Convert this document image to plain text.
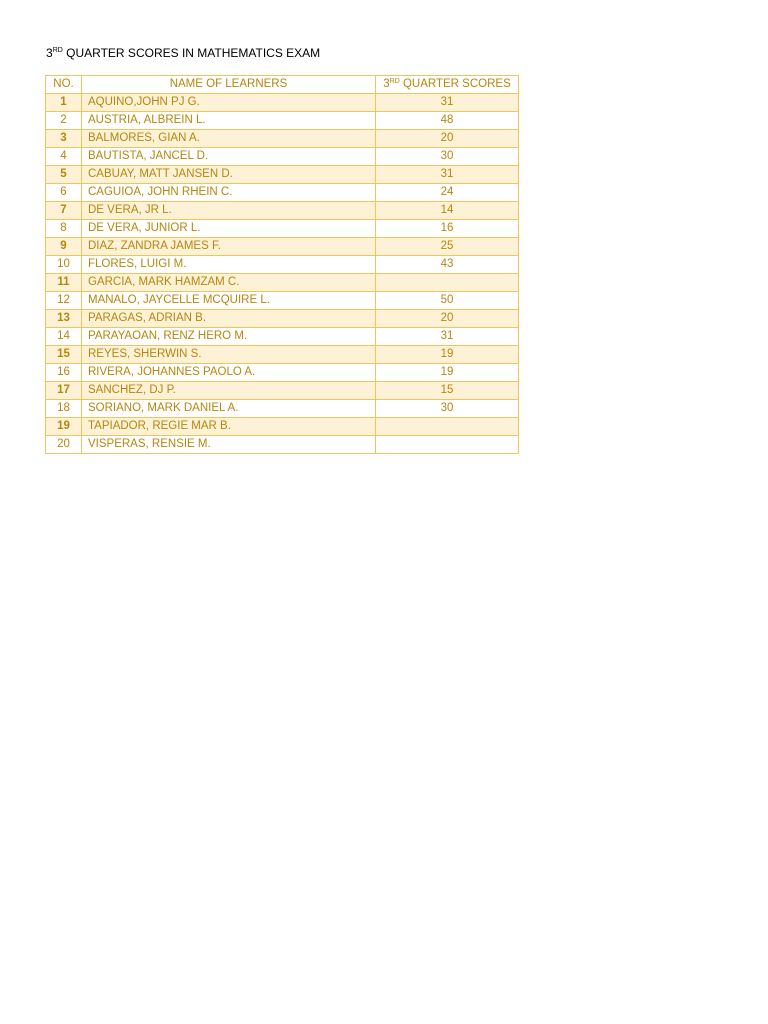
3RD QUARTER SCORES IN MATHEMATICS EXAM
NO.	NAME OF LEARNERS	3RD QUARTER SCORES
1	AQUINO,JOHN PJ G.	31
2	AUSTRIA, ALBREIN L.	48
3	BALMORES, GIAN A.	20
4	BAUTISTA, JANCEL D.	30
5	CABUAY, MATT JANSEN D.	31
6	CAGUIOA, JOHN RHEIN C.	24
7	DE VERA, JR L.	14
8	DE VERA, JUNIOR L.	16
9	DIAZ, ZANDRA JAMES F.	25
10	FLORES, LUIGI M.	43
11	GARCIA, MARK HAMZAM C.	
12	MANALO, JAYCELLE MCQUIRE L.	50
13	PARAGAS, ADRIAN B.	20
14	PARAYAOAN, RENZ HERO M.	31
15	REYES, SHERWIN S.	19
16	RIVERA, JOHANNES PAOLO A.	19
17	SANCHEZ, DJ P.	15
18	SORIANO, MARK DANIEL A.	30
19	TAPIADOR, REGIE MAR B.	
20	VISPERAS, RENSIE M.	
